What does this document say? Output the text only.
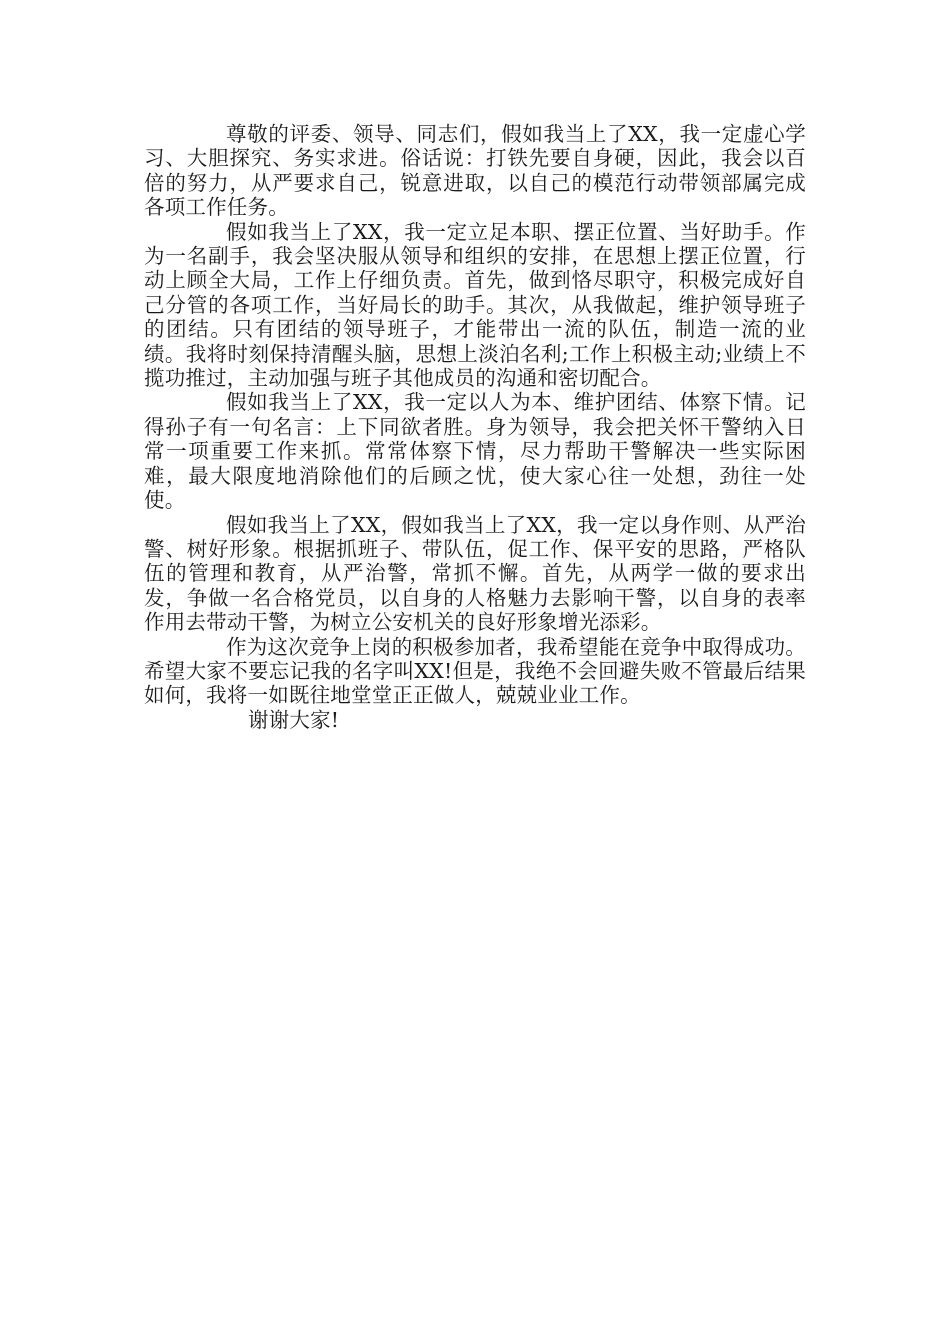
尊敬的评委、领导、同志们，假如我当上了XX，我一定虚心学习、大胆探究、务实求进。俗话说：打铁先要自身硬，因此，我会以百倍的努力，从严要求自己，锐意进取，以自己的模范行动带领部属完成各项工作任务。

假如我当上了XX，我一定立足本职、摆正位置、当好助手。作为一名副手，我会坚决服从领导和组织的安排，在思想上摆正位置，行动上顾全大局，工作上仔细负责。首先，做到恪尽职守，积极完成好自己分管的各项工作，当好局长的助手。其次，从我做起，维护领导班子的团结。只有团结的领导班子，才能带出一流的队伍，制造一流的业绩。我将时刻保持清醒头脑，思想上淡泊名利;工作上积极主动;业绩上不揽功推过，主动加强与班子其他成员的沟通和密切配合。

假如我当上了XX，我一定以人为本、维护团结、体察下情。记得孙子有一句名言：上下同欲者胜。身为领导，我会把关怀干警纳入日常一项重要工作来抓。常常体察下情，尽力帮助干警解决一些实际困难，最大限度地消除他们的后顾之忧，使大家心往一处想，劲往一处使。

假如我当上了XX，假如我当上了XX，我一定以身作则、从严治警、树好形象。根据抓班子、带队伍，促工作、保平安的思路，严格队伍的管理和教育，从严治警，常抓不懈。首先，从两学一做的要求出发，争做一名合格党员，以自身的人格魅力去影响干警，以自身的表率作用去带动干警，为树立公安机关的良好形象增光添彩。

作为这次竞争上岗的积极参加者，我希望能在竞争中取得成功。希望大家不要忘记我的名字叫XX!但是，我绝不会回避失败不管最后结果如何，我将一如既往地堂堂正正做人，兢兢业业工作。

谢谢大家!
